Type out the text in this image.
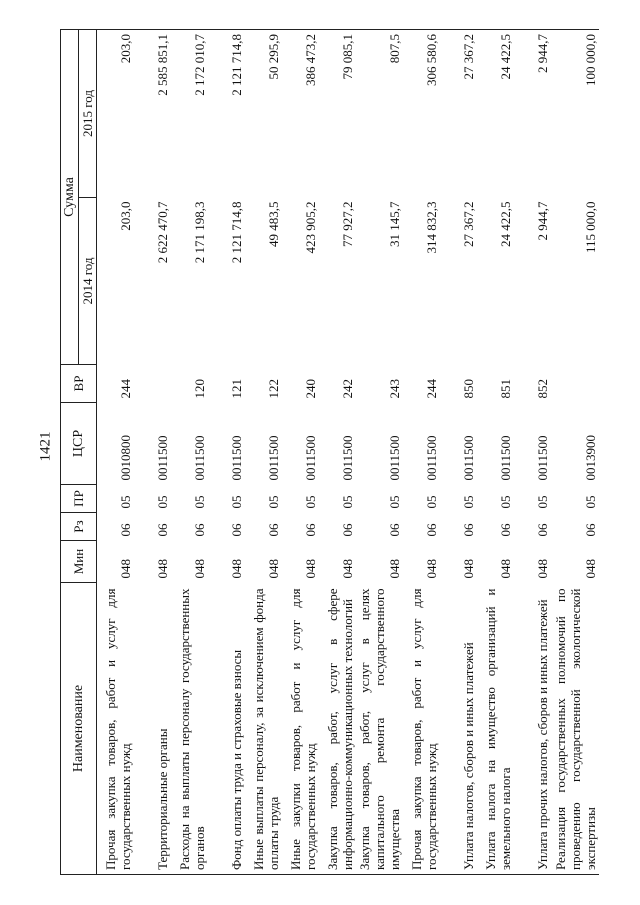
1421
Наименование	Мин	Рз	ПР	ЦСР	ВР	Сумма	
						2014 год	2015 год
Прочая закупка товаров, работ и услуг для государственных нужд	048	06	05	0010800	244	203,0	203,0
Территориальные органы	048	06	05	0011500		2 622 470,7	2 585 851,1
Расходы на выплаты персоналу государственных органов	048	06	05	0011500	120	2 171 198,3	2 172 010,7
Фонд оплаты труда и страховые взносы	048	06	05	0011500	121	2 121 714,8	2 121 714,8
Иные выплаты персоналу, за исключением фонда оплаты труда	048	06	05	0011500	122	49 483,5	50 295,9
Иные закупки товаров, работ и услуг для государственных нужд	048	06	05	0011500	240	423 905,2	386 473,2
Закупка товаров, работ, услуг в сфере информационно-коммуникационных технологий	048	06	05	0011500	242	77 927,2	79 085,1
Закупка товаров, работ, услуг в целях капитального ремонта государственного имущества	048	06	05	0011500	243	31 145,7	807,5
Прочая закупка товаров, работ и услуг для государственных нужд	048	06	05	0011500	244	314 832,3	306 580,6
Уплата налогов, сборов и иных платежей	048	06	05	0011500	850	27 367,2	27 367,2
Уплата налога на имущество организаций и земельного налога	048	06	05	0011500	851	24 422,5	24 422,5
Уплата прочих налогов, сборов и иных платежей	048	06	05	0011500	852	2 944,7	2 944,7
Реализация государственных полномочий по проведению государственной экологической экспертизы	048	06	05	0013900		115 000,0	100 000,0
